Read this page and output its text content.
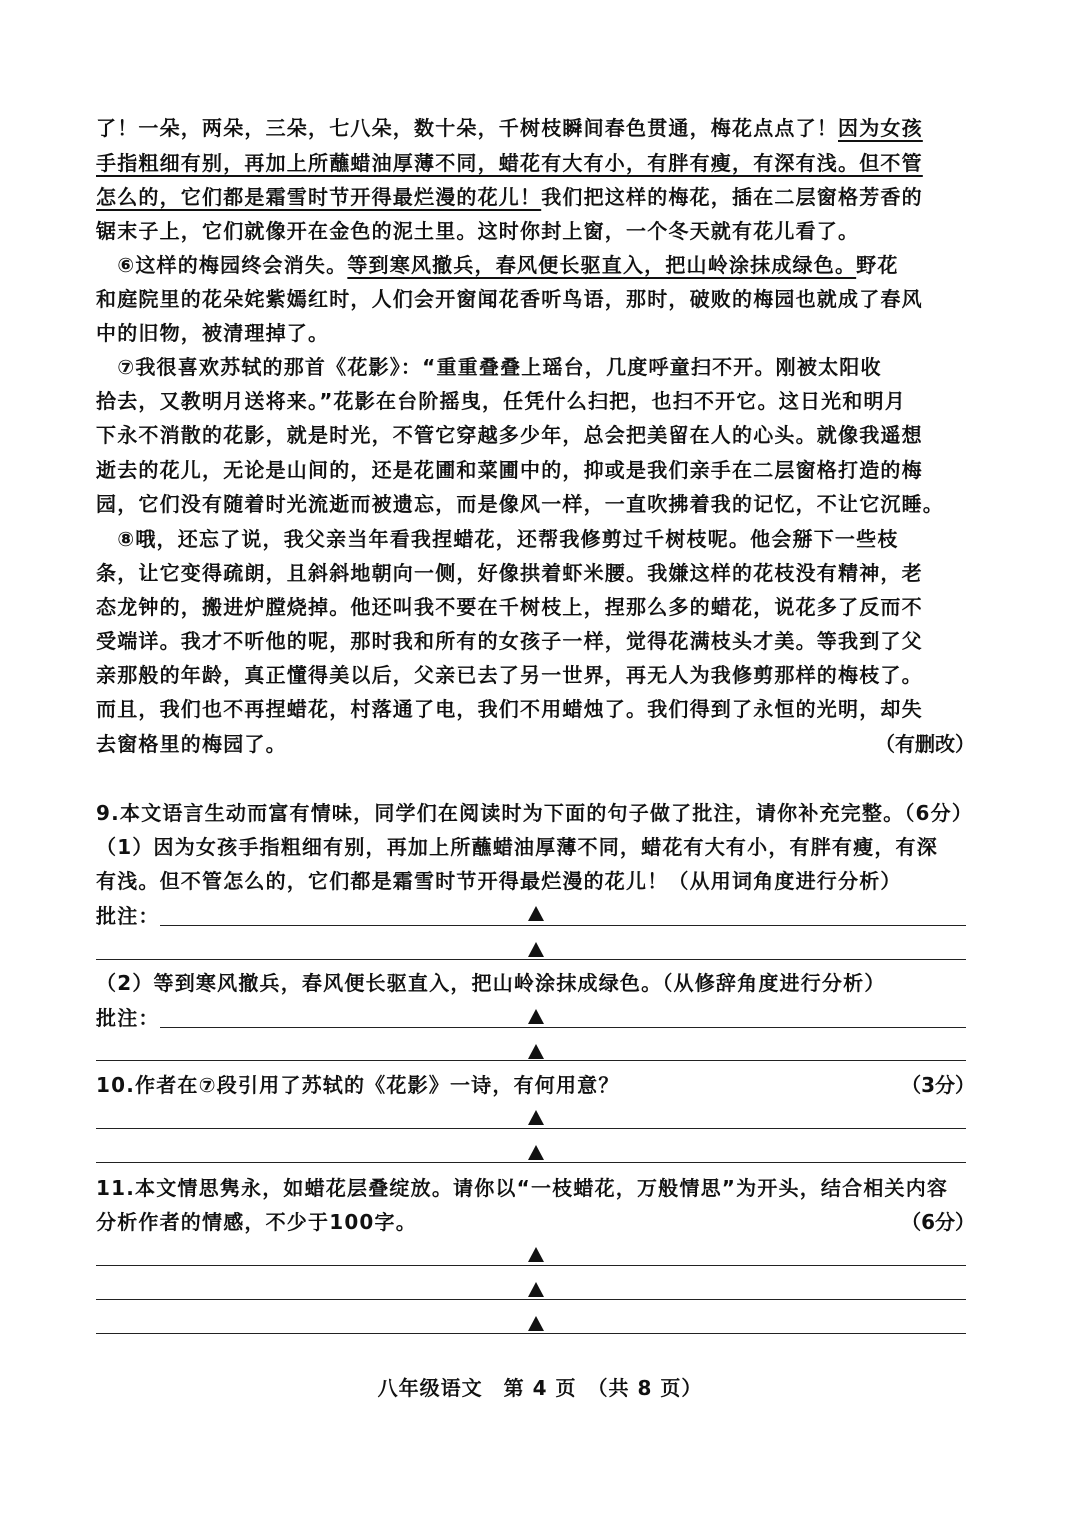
了！一朵，两朵，三朵，七八朵，数十朵，千树枝瞬间春色贯通，梅花点点了！因为女孩
手指粗细有别，再加上所蘸蜡油厚薄不同，蜡花有大有小，有胖有瘦，有深有浅。但不管
怎么的，它们都是霜雪时节开得最烂漫的花儿！我们把这样的梅花，插在二层窗格芳香的
锯末子上，它们就像开在金色的泥土里。这时你封上窗，一个冬天就有花儿看了。
　⑥这样的梅园终会消失。等到寒风撤兵，春风便长驱直入，把山岭涂抹成绿色。野花
和庭院里的花朵姹紫嫣红时，人们会开窗闻花香听鸟语，那时，破败的梅园也就成了春风
中的旧物，被清理掉了。
　⑦我很喜欢苏轼的那首《花影》：“重重叠叠上瑶台，几度呼童扫不开。刚被太阳收
拾去，又教明月送将来。”花影在台阶摇曳，任凭什么扫把，也扫不开它。这日光和明月
下永不消散的花影，就是时光，不管它穿越多少年，总会把美留在人的心头。就像我遥想
逝去的花儿，无论是山间的，还是花圃和菜圃中的，抑或是我们亲手在二层窗格打造的梅
园，它们没有随着时光流逝而被遗忘，而是像风一样，一直吹拂着我的记忆，不让它沉睡。
　⑧哦，还忘了说，我父亲当年看我捏蜡花，还帮我修剪过千树枝呢。他会掰下一些枝
条，让它变得疏朗，且斜斜地朝向一侧，好像拱着虾米腰。我嫌这样的花枝没有精神，老
态龙钟的，搬进炉膛烧掉。他还叫我不要在千树枝上，捏那么多的蜡花，说花多了反而不
受端详。我才不听他的呢，那时我和所有的女孩子一样，觉得花满枝头才美。等我到了父
亲那般的年龄，真正懂得美以后，父亲已去了另一世界，再无人为我修剪那样的梅枝了。
而且，我们也不再捏蜡花，村落通了电，我们不用蜡烛了。我们得到了永恒的光明，却失
去窗格里的梅园了。	（有删改）
9.本文语言生动而富有情味，同学们在阅读时为下面的句子做了批注，请你补充完整。（6分）
（1）因为女孩手指粗细有别，再加上所蘸蜡油厚薄不同，蜡花有大有小，有胖有瘦，有深
有浅。但不管怎么的，它们都是霜雪时节开得最烂漫的花儿！（从用词角度进行分析）
批注：
（2）等到寒风撤兵，春风便长驱直入，把山岭涂抹成绿色。（从修辞角度进行分析）
批注：
10.作者在⑦段引用了苏轼的《花影》一诗，有何用意？	（3分）
11.本文情思隽永，如蜡花层叠绽放。请你以“一枝蜡花，万般情思”为开头，结合相关内容
分析作者的情感，不少于100字。	（6分）
八年级语文　第 4 页　（共 8 页）
